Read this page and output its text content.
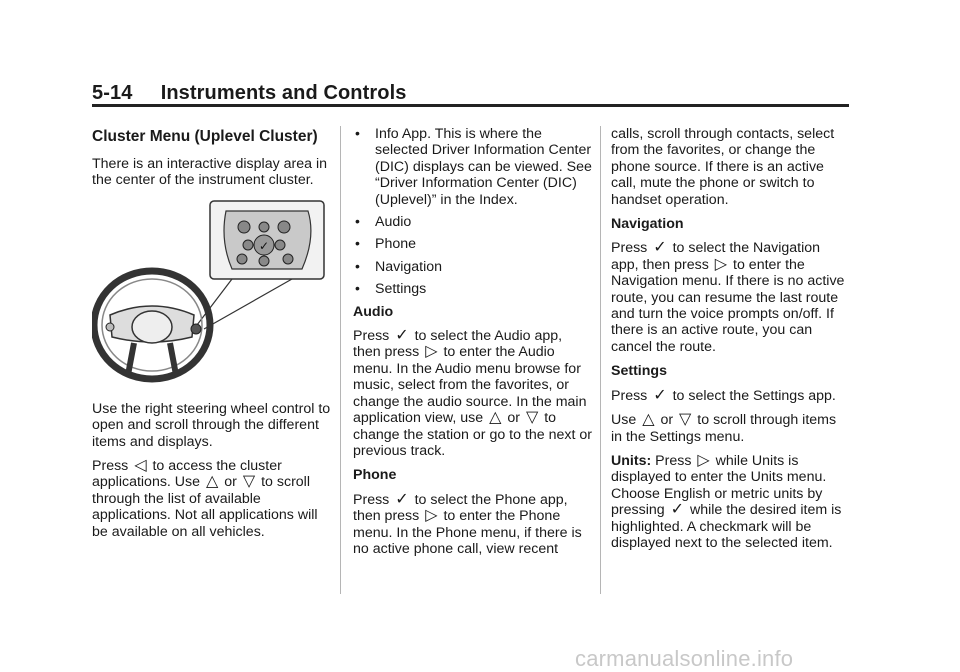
5-14     Instruments and Controls
Cluster Menu (Uplevel Cluster)

There is an interactive display area in the center of the instrument cluster.

✓

Use the right steering wheel control to open and scroll through the different items and displays.

Press ◁ to access the cluster applications. Use △ or ▽ to scroll through the list of available applications. Not all applications will be available on all vehicles.

• Info App. This is where the selected Driver Information Center (DIC) displays can be viewed. See “Driver Information Center (DIC) (Uplevel)” in the Index.
• Audio
• Phone
• Navigation
• Settings

Audio

Press ✓ to select the Audio app, then press ▷ to enter the Audio menu. In the Audio menu browse for music, select from the favorites, or change the audio source. In the main application view, use △ or ▽ to change the station or go to the next or previous track.

Phone

Press ✓ to select the Phone app, then press ▷ to enter the Phone menu. In the Phone menu, if there is no active phone call, view recent

calls, scroll through contacts, select from the favorites, or change the phone source. If there is an active call, mute the phone or switch to handset operation.

Navigation

Press ✓ to select the Navigation app, then press ▷ to enter the Navigation menu. If there is no active route, you can resume the last route and turn the voice prompts on/off. If there is an active route, you can cancel the route.

Settings

Press ✓ to select the Settings app.

Use △ or ▽ to scroll through items in the Settings menu.

Units: Press ▷ while Units is displayed to enter the Units menu. Choose English or metric units by pressing ✓ while the desired item is highlighted. A checkmark will be displayed next to the selected item.

carmanualsonline.info
